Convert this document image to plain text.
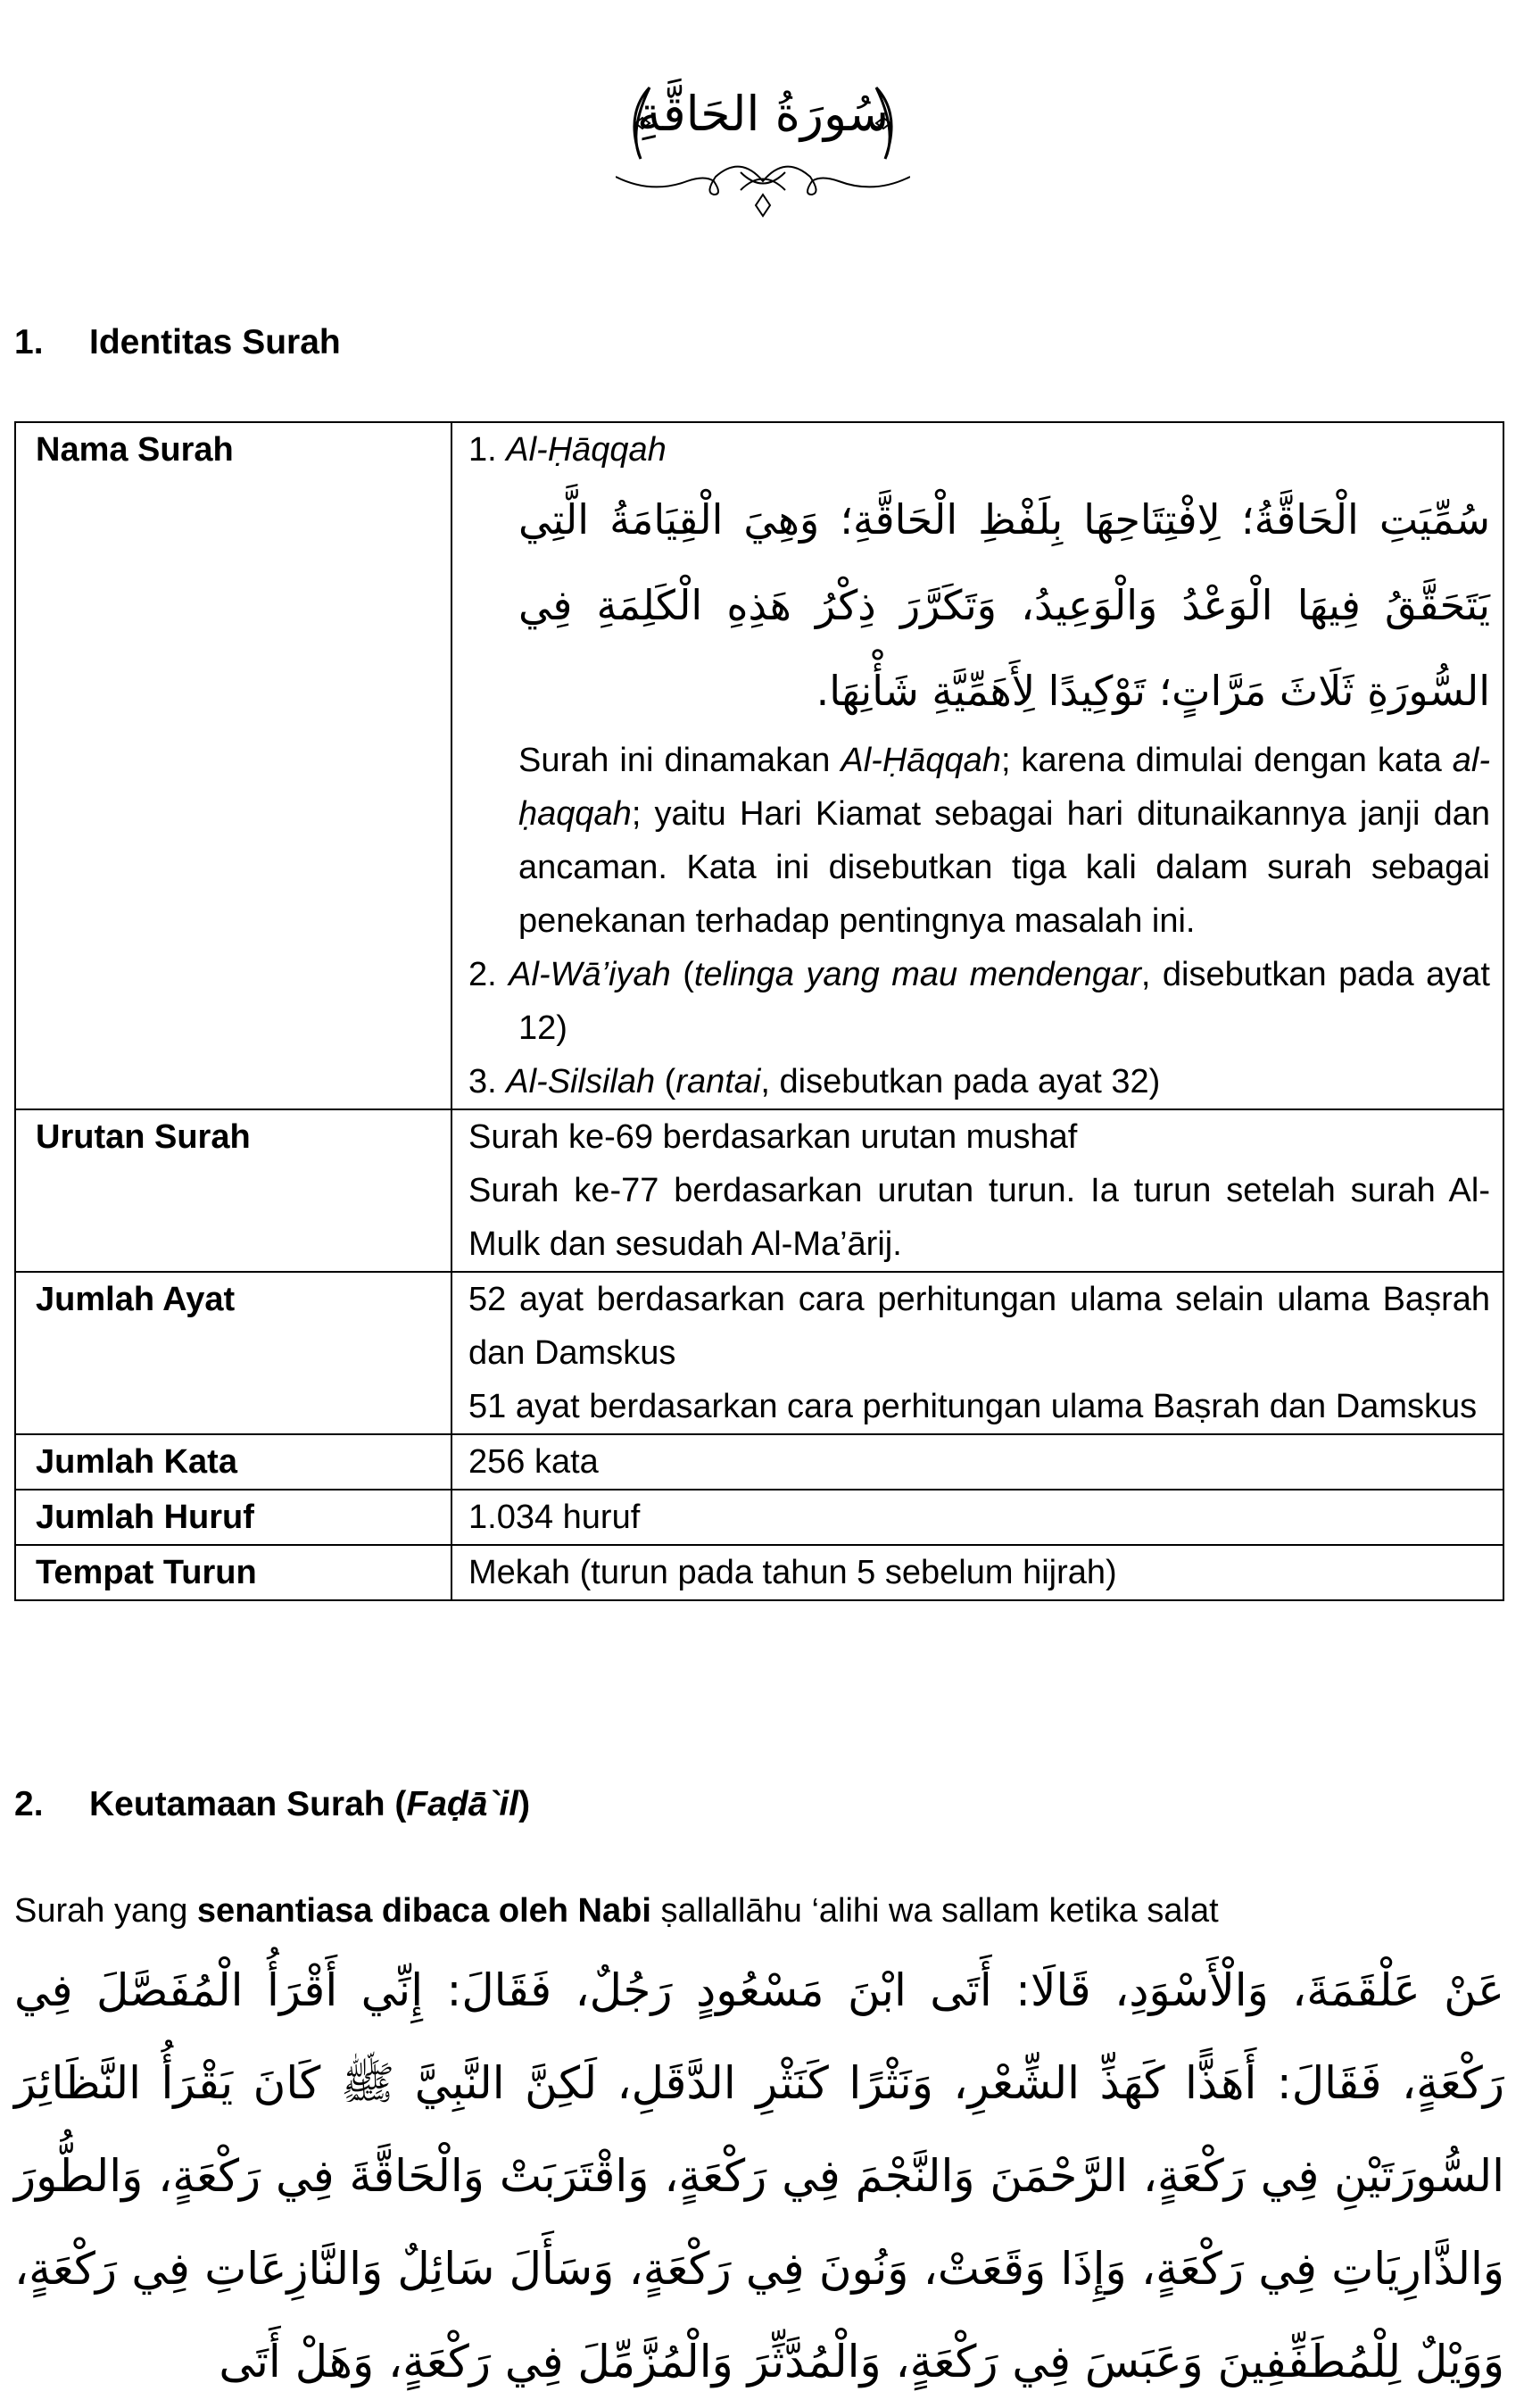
سُورَةُ الحَاقَّةِ
1. Identitas Surah
Nama Surah	1. Al-Ḥāqqah
سُمِّيَتِ الْحَاقَّةُ؛ لِافْتِتَاحِهَا بِلَفْظِ الْحَاقَّةِ؛ وَهِيَ الْقِيَامَةُ الَّتِي يَتَحَقَّقُ فِيهَا الْوَعْدُ وَالْوَعِيدُ، وَتَكَرَّرَ ذِكْرُ هَذِهِ الْكَلِمَةِ فِي السُّورَةِ ثَلَاثَ مَرَّاتٍ؛ تَوْكِيدًا لِأَهَمِّيَّةِ شَأْنِهَا.
Surah ini dinamakan Al-Ḥāqqah; karena dimulai dengan kata al-ḥaqqah; yaitu Hari Kiamat sebagai hari ditunaikannya janji dan ancaman. Kata ini disebutkan tiga kali dalam surah sebagai penekanan terhadap pentingnya masalah ini.
2. Al-Wā’iyah (telinga yang mau mendengar, disebutkan pada ayat 12)
3. Al-Silsilah (rantai, disebutkan pada ayat 32)

Urutan Surah	Surah ke-69 berdasarkan urutan mushaf
Surah ke-77 berdasarkan urutan turun. Ia turun setelah surah Al-Mulk dan sesudah Al-Ma’ārij.

Jumlah Ayat	52 ayat berdasarkan cara perhitungan ulama selain ulama Baṣrah dan Damskus
51 ayat berdasarkan cara perhitungan ulama Baṣrah dan Damskus

Jumlah Kata	256 kata
Jumlah Huruf	1.034 huruf
Tempat Turun	Mekah (turun pada tahun 5 sebelum hijrah)
2. Keutamaan Surah (Faḍā`il)
Surah yang senantiasa dibaca oleh Nabi ṣallallāhu ‘alihi wa sallam ketika salat
عَنْ عَلْقَمَةَ، وَالْأَسْوَدِ، قَالَا: أَتَى ابْنَ مَسْعُودٍ رَجُلٌ، فَقَالَ: إِنِّي أَقْرَأُ الْمُفَصَّلَ فِي رَكْعَةٍ، فَقَالَ: أَهَذًّا كَهَذِّ الشِّعْرِ، وَنَثْرًا كَنَثْرِ الدَّقَلِ، لَكِنَّ النَّبِيَّ ﷺ كَانَ يَقْرَأُ النَّظَائِرَ السُّورَتَيْنِ فِي رَكْعَةٍ، الرَّحْمَنَ وَالنَّجْمَ فِي رَكْعَةٍ، وَاقْتَرَبَتْ وَالْحَاقَّةَ فِي رَكْعَةٍ، وَالطُّورَ وَالذَّارِيَاتِ فِي رَكْعَةٍ، وَإِذَا وَقَعَتْ، وَنُونَ فِي رَكْعَةٍ، وَسَأَلَ سَائِلٌ وَالنَّازِعَاتِ فِي رَكْعَةٍ، وَوَيْلٌ لِلْمُطَفِّفِينَ وَعَبَسَ فِي رَكْعَةٍ، وَالْمُدَّثِّرَ وَالْمُزَّمِّلَ فِي رَكْعَةٍ، وَهَلْ أَتَى
